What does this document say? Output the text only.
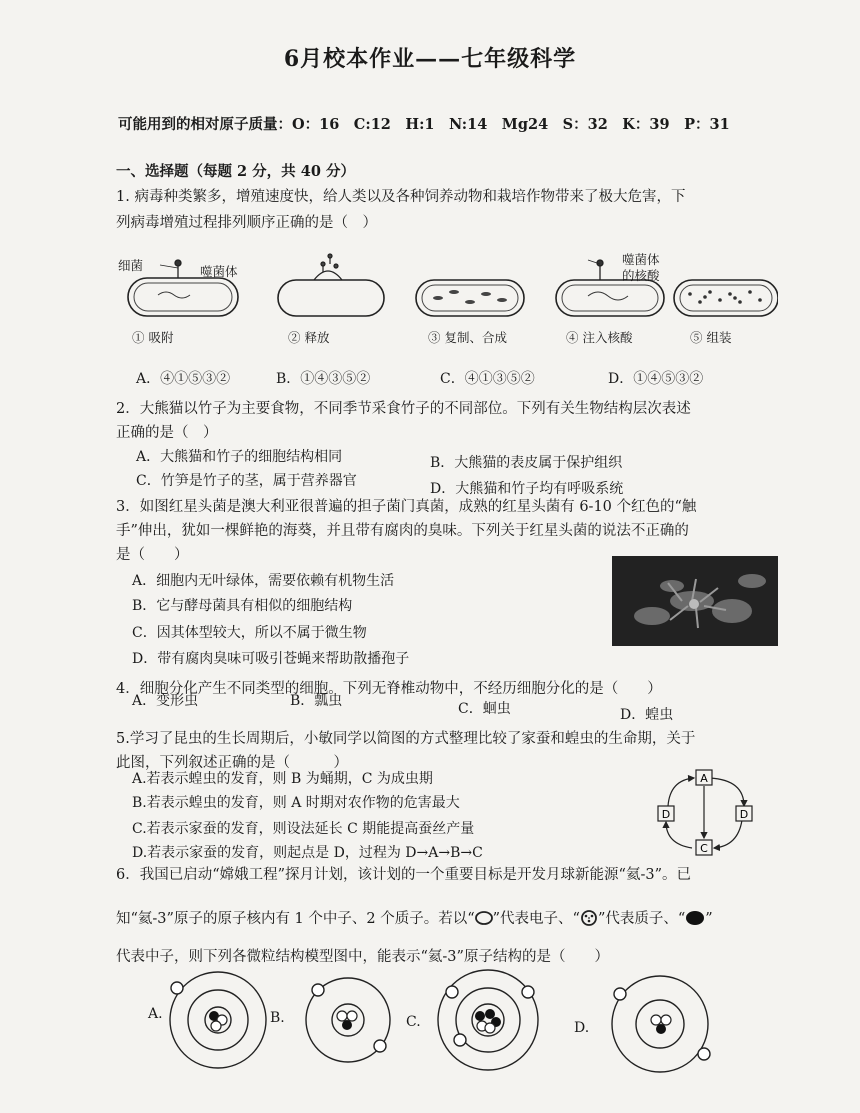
6月校本作业——七年级科学
可能用到的相对原子质量：O：16　C:12　H:1　N:14　Mg24　S：32　K：39　P：31
一、选择题（每题 2 分，共 40 分）
1. 病毒种类繁多，增殖速度快，给人类以及各种饲养动物和栽培作物带来了极大危害，下
列病毒增殖过程排列顺序正确的是（　）
细菌	噬菌体
噬菌体
的核酸
① 吸附	② 释放	③ 复制、合成	④ 注入核酸	⑤ 组装
A．④①⑤③②	B．①④③⑤②	C．④①③⑤②	D．①④⑤③②
2．大熊猫以竹子为主要食物，不同季节采食竹子的不同部位。下列有关生物结构层次表述
正确的是（　）
A．大熊猫和竹子的细胞结构相同	B．大熊猫的表皮属于保护组织
C．竹笋是竹子的茎，属于营养器官	D．大熊猫和竹子均有呼吸系统
3．如图红星头菌是澳大利亚很普遍的担子菌门真菌，成熟的红星头菌有 6-10 个红色的“触
手”伸出，犹如一棵鲜艳的海葵，并且带有腐肉的臭味。下列关于红星头菌的说法不正确的
是（　　）
A．细胞内无叶绿体，需要依赖有机物生活
B．它与酵母菌具有相似的细胞结构
C．因其体型较大，所以不属于微生物
D．带有腐肉臭味可吸引苍蝇来帮助散播孢子
4．细胞分化产生不同类型的细胞。下列无脊椎动物中，不经历细胞分化的是（　　）
A．变形虫	B．瓢虫	C．蛔虫	D．蝗虫
5.学习了昆虫的生长周期后，小敏同学以简图的方式整理比较了家蚕和蝗虫的生命期，关于
此图，下列叙述正确的是（　　　）
A.若表示蝗虫的发育，则 B 为蛹期，C 为成虫期
B.若表示蝗虫的发育，则 A 时期对农作物的危害最大
C.若表示家蚕的发育，则设法延长 C 期能提高蚕丝产量
D.若表示家蚕的发育，则起点是 D，过程为 D→A→B→C
A
D
C
D
6．我国已启动“嫦娥工程”探月计划，该计划的一个重要目标是开发月球新能源“氦-3”。已
知“氦-3”原子的原子核内有 1 个中子、2 个质子。若以“ ”代表电子、“ ”代表质子、“ ”
代表中子，则下列各微粒结构模型图中，能表示“氦-3”原子结构的是（　　）
A.	B.	C.	D.
